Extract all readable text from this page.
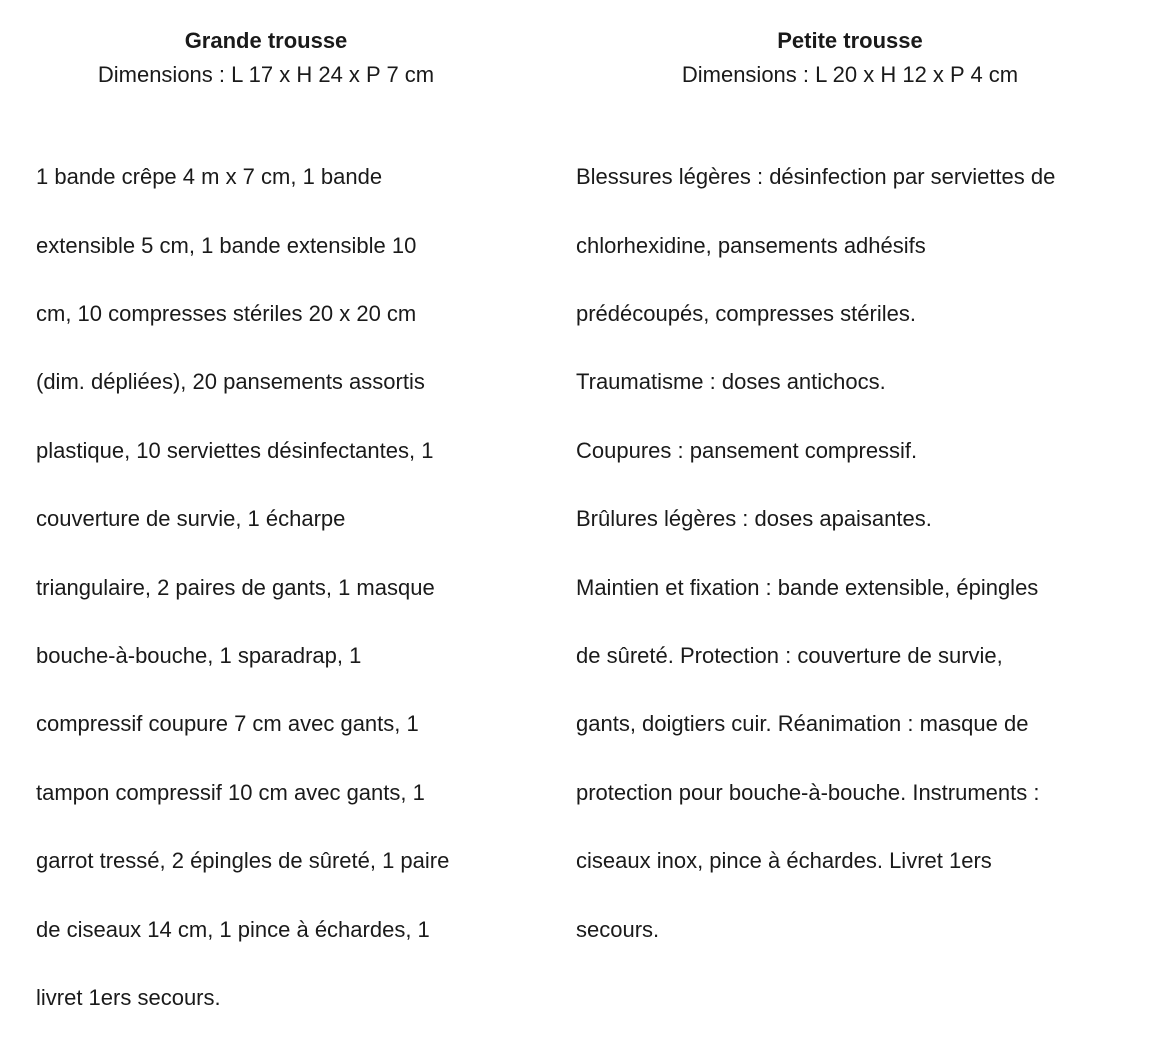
Grande trousse

Dimensions : L 17 x H 24 x P 7 cm

1 bande crêpe 4 m x 7 cm, 1 bande

extensible 5 cm, 1 bande extensible 10

cm, 10 compresses stériles 20 x 20 cm

(dim. dépliées), 20 pansements assortis

plastique, 10 serviettes désinfectantes, 1

couverture de survie, 1 écharpe

triangulaire, 2 paires de gants, 1 masque

bouche-à-bouche, 1 sparadrap, 1

compressif coupure 7 cm avec gants, 1

tampon compressif 10 cm avec gants, 1

garrot tressé, 2 épingles de sûreté, 1 paire

de ciseaux 14 cm, 1 pince à échardes, 1

livret 1ers secours.

Petite trousse

Dimensions : L 20 x H 12 x P 4 cm

Blessures légères : désinfection par serviettes de

chlorhexidine, pansements adhésifs

prédécoupés, compresses stériles.

Traumatisme : doses antichocs.

Coupures : pansement compressif.

Brûlures légères : doses apaisantes.

Maintien et fixation : bande extensible, épingles

de sûreté. Protection : couverture de survie,

gants, doigtiers cuir. Réanimation : masque de

protection pour bouche-à-bouche. Instruments :

ciseaux inox, pince à échardes. Livret 1ers

secours.
